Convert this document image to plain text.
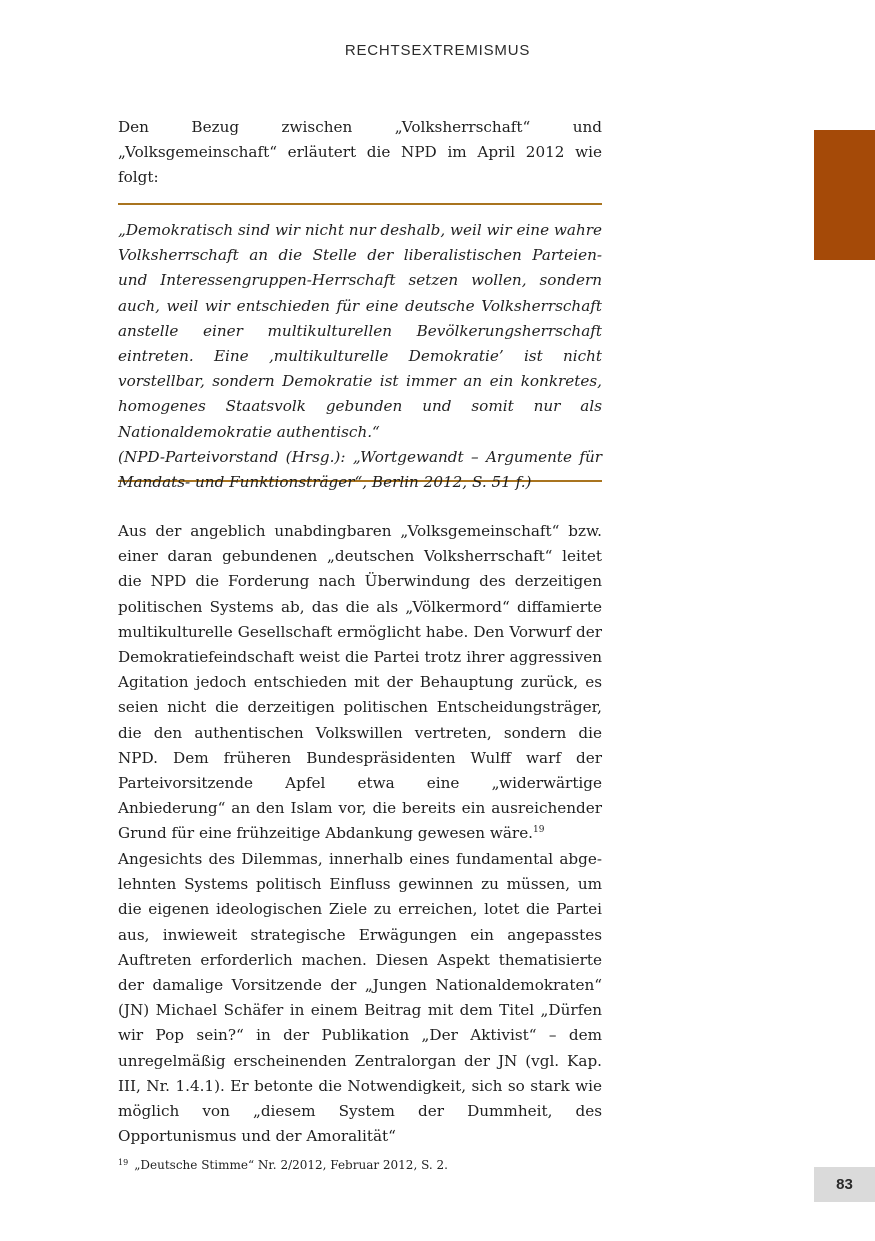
RECHTSEXTREMISMUS

Den Bezug zwischen „Volksherrschaft“ und „Volksgemeinschaft“ erläutert die NPD im April 2012 wie folgt:

„Demokratisch sind wir nicht nur deshalb, weil wir eine wahre Volksherrschaft an die Stelle der liberalistischen Parteien- und Interessengruppen-Herrschaft setzen wollen, sondern auch, weil wir entschieden für eine deutsche Volksherrschaft anstelle einer multikulturellen Bevölkerungsherrschaft eintreten. Eine ‚multikulturelle Demokratie’ ist nicht vorstellbar, sondern Demokratie ist immer an ein konkretes, homogenes Staatsvolk gebunden und somit nur als Nationaldemokratie authentisch.“

(NPD-Parteivorstand (Hrsg.): „Wortgewandt – Argumente für Mandats- und Funktionsträger“, Berlin 2012, S. 51 f.)

Aus der angeblich unabdingbaren „Volksgemeinschaft“ bzw. einer daran gebundenen „deutschen Volksherrschaft“ leitet die NPD die Forderung nach Überwindung des derzeitigen politischen Systems ab, das die als „Völkermord“ diffamierte multikulturelle Gesellschaft ermöglicht habe. Den Vorwurf der Demokratiefeindschaft weist die Partei trotz ihrer aggressiven Agitation jedoch entschieden mit der Behauptung zurück, es seien nicht die derzeitigen politischen Entscheidungsträger, die den authentischen Volkswillen vertreten, sondern die NPD. Dem früheren Bundespräsidenten Wulff warf der Parteivorsitzende Apfel etwa eine „widerwärtige Anbiederung“ an den Islam vor, die bereits ein ausreichender Grund für eine frühzeitige Abdankung gewesen wäre.$^{19}$

Angesichts des Dilemmas, innerhalb eines fundamental abgelehnten Systems politisch Einfluss gewinnen zu müssen, um die eigenen ideologischen Ziele zu erreichen, lotet die Partei aus, inwieweit strategische Erwägungen ein angepasstes Auftreten erforderlich machen. Diesen Aspekt thematisierte der damalige Vorsitzende der „Jungen Nationaldemokraten“ (JN) Michael Schäfer in einem Beitrag mit dem Titel „Dürfen wir Pop sein?“ in der Publikation „Der Aktivist“ – dem unregelmäßig erscheinenden Zentralorgan der JN (vgl. Kap. III, Nr. 1.4.1). Er betonte die Notwendigkeit, sich so stark wie möglich von „diesem System der Dummheit, des Opportunismus und der Amoralität“

$^{19}$ „Deutsche Stimme“ Nr. 2/2012, Februar 2012, S. 2.
83
